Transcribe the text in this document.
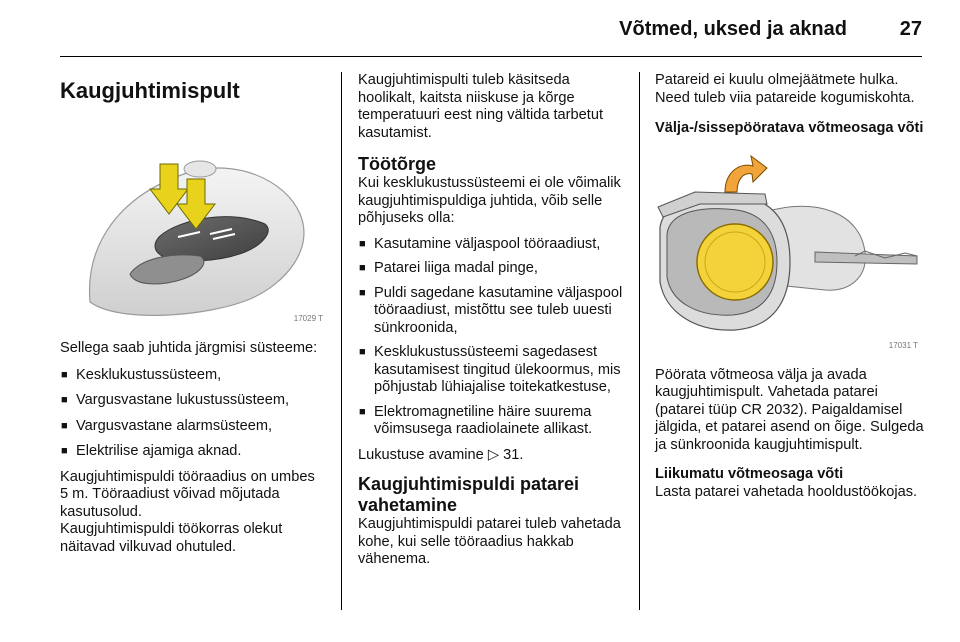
Võtmed, uksed ja aknad	27
Kaugjuhtimispult
17029 T

Sellega saab juhtida järgmisi süsteeme:

■ Kesklukustussüsteem,
■ Vargusvastane lukustussüsteem,
■ Vargusvastane alarmsüsteem,
■ Elektrilise ajamiga aknad.

Kaugjuhtimispuldi tööraadius on umbes 5 m. Tööraadiust võivad mõjutada kasutusolud.

Kaugjuhtimispuldi töökorras olekut näitavad vilkuvad ohutuled.

Kaugjuhtimispulti tuleb käsitseda hoolikalt, kaitsta niiskuse ja kõrge temperatuuri eest ning vältida tarbetut kasutamist.

Töötõrge

Kui kesklukustussüsteemi ei ole võimalik kaugjuhtimispuldiga juhtida, võib selle põhjuseks olla:

■ Kasutamine väljaspool tööraadiust,
■ Patarei liiga madal pinge,
■ Puldi sagedane kasutamine väljaspool tööraadiust, mistõttu see tuleb uuesti sünkroonida,
■ Kesklukustussüsteemi sagedasest kasutamisest tingitud ülekoormus, mis põhjustab lühiajalise toitekatkestuse,
■ Elektromagnetiline häire suurema võimsusega raadiolainete allikast.

Lukustuse avamine ▷ 31.

Kaugjuhtimispuldi patarei vahetamine

Kaugjuhtimispuldi patarei tuleb vahetada kohe, kui selle tööraadius hakkab vähenema.

Patareid ei kuulu olmejäätmete hulka. Need tuleb viia patareide kogumiskohta.

Välja-/sissepööratava võtmeosaga võti
17031 T

Pöörata võtmeosa välja ja avada kaugjuhtimispult. Vahetada patarei (patarei tüüp CR 2032). Paigaldamisel jälgida, et patarei asend on õige. Sulgeda ja sünkroonida kaugjuhtimispult.

Liikumatu võtmeosaga võti

Lasta patarei vahetada hooldustöökojas.
